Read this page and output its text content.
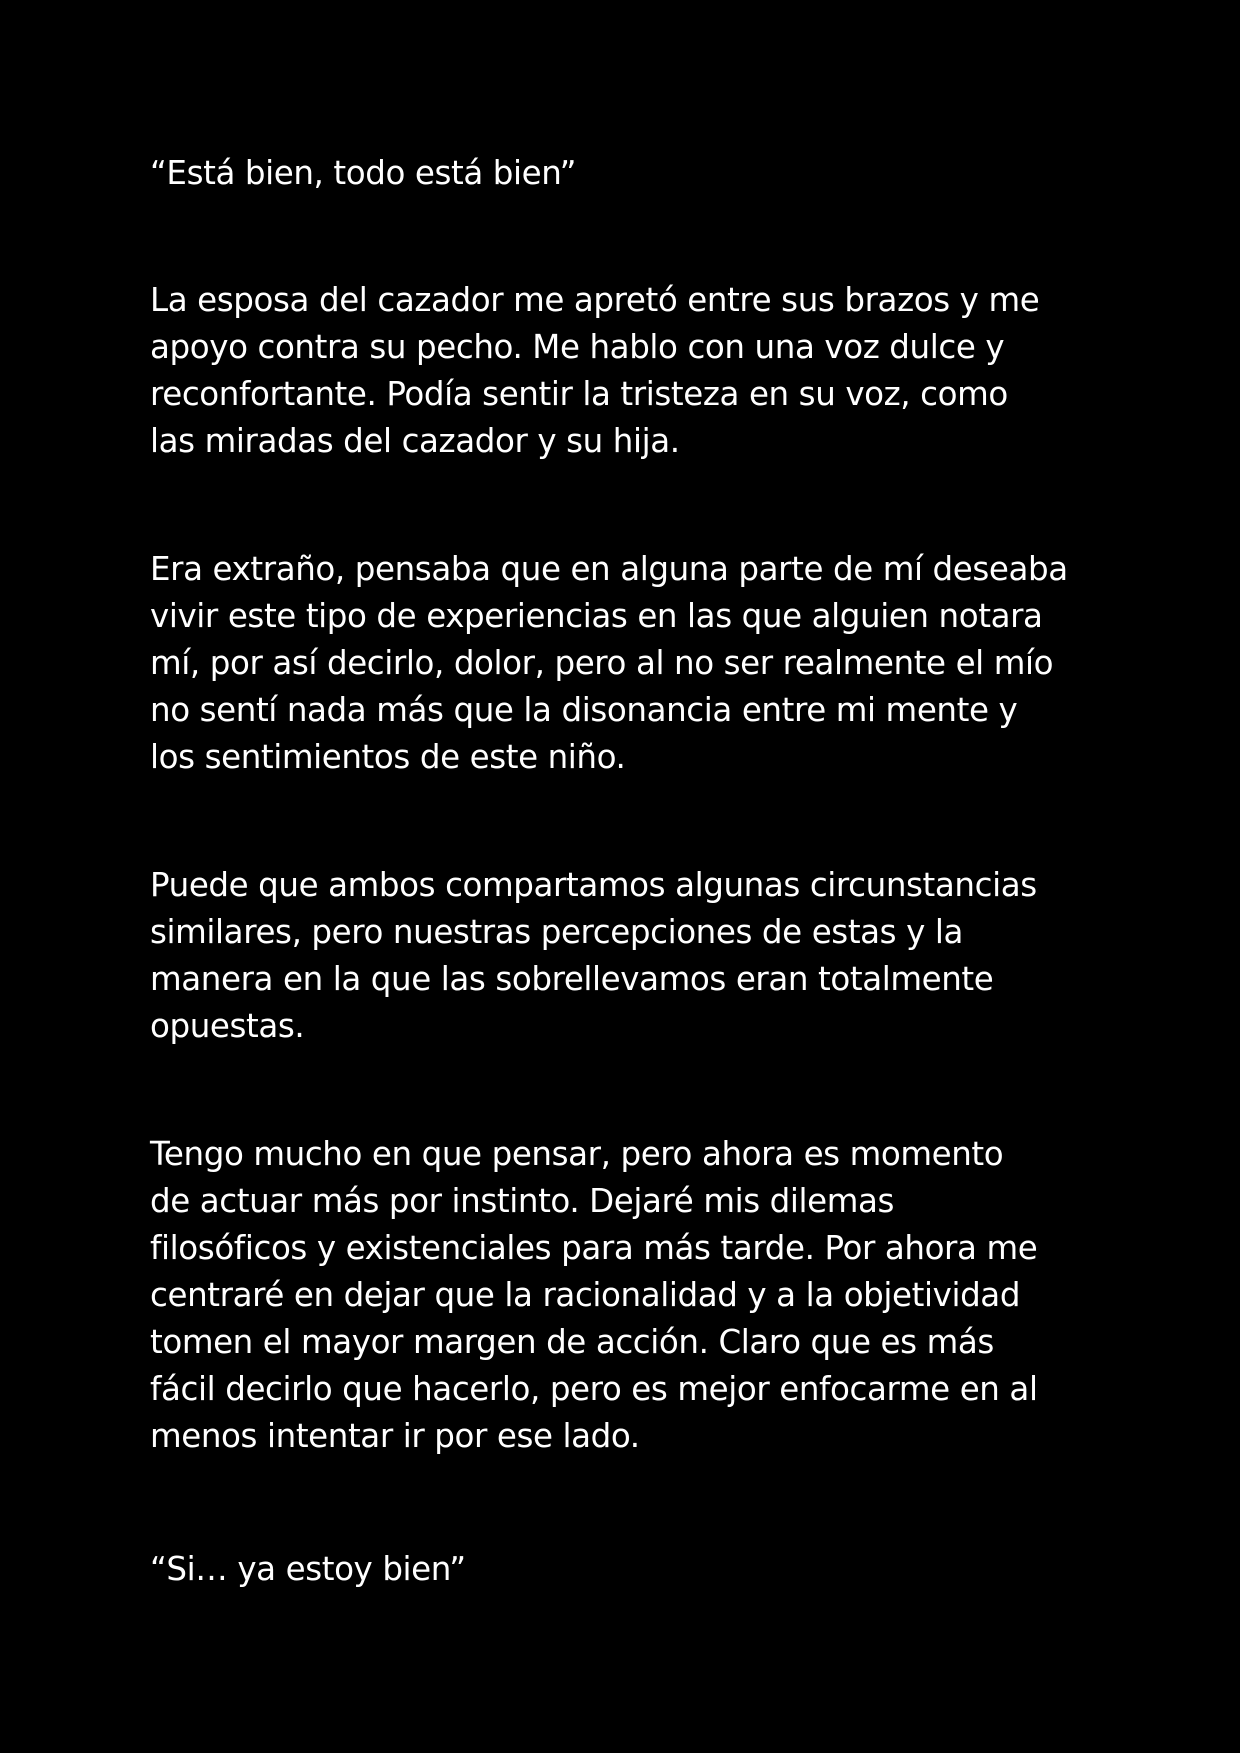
“Está bien, todo está bien”
La esposa del cazador me apretó entre sus brazos y me
apoyo contra su pecho. Me hablo con una voz dulce y
reconfortante. Podía sentir la tristeza en su voz, como
las miradas del cazador y su hija.
Era extraño, pensaba que en alguna parte de mí deseaba
vivir este tipo de experiencias en las que alguien notara
mí, por así decirlo, dolor, pero al no ser realmente el mío
no sentí nada más que la disonancia entre mi mente y
los sentimientos de este niño.
Puede que ambos compartamos algunas circunstancias
similares, pero nuestras percepciones de estas y la
manera en la que las sobrellevamos eran totalmente
opuestas.
Tengo mucho en que pensar, pero ahora es momento
de actuar más por instinto. Dejaré mis dilemas
filosóficos y existenciales para más tarde. Por ahora me
centraré en dejar que la racionalidad y a la objetividad
tomen el mayor margen de acción. Claro que es más
fácil decirlo que hacerlo, pero es mejor enfocarme en al
menos intentar ir por ese lado.
“Si… ya estoy bien”
